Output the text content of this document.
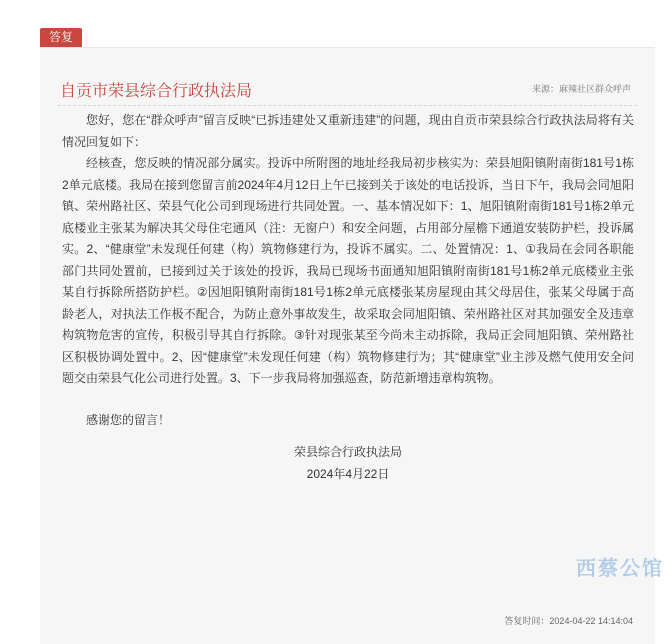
答复
自贡市荣县综合行政执法局	来源：麻辣社区群众呼声

您好，您在“群众呼声”留言反映“已拆违建处又重新违建”的问题，现由自贡市荣县综合行政执法局将有关情况回复如下：

经核查，您反映的情况部分属实。投诉中所附图的地址经我局初步核实为：荣县旭阳镇附南街181号1栋2单元底楼。我局在接到您留言前2024年4月12日上午已接到关于该处的电话投诉，当日下午，我局会同旭阳镇、荣州路社区、荣县气化公司到现场进行共同处置。一、基本情况如下：1、旭阳镇附南街181号1栋2单元底楼业主张某为解决其父母住宅通风（注：无窗户）和安全问题，占用部分屋檐下通道安装防护栏，投诉属实。2、“健康堂”未发现任何建（构）筑物修建行为，投诉不属实。二、处置情况：1、①我局在会同各职能部门共同处置前，已接到过关于该处的投诉，我局已现场书面通知旭阳镇附南街181号1栋2单元底楼业主张某自行拆除所搭防护栏。②因旭阳镇附南街181号1栋2单元底楼张某房屋现由其父母居住，张某父母属于高龄老人，对执法工作极不配合，为防止意外事故发生，故采取会同旭阳镇、荣州路社区对其加强安全及违章构筑物危害的宣传，积极引导其自行拆除。③针对现张某至今尚未主动拆除，我局正会同旭阳镇、荣州路社区积极协调处置中。2、因“健康堂”未发现任何建（构）筑物修建行为；其“健康堂”业主涉及燃气使用安全问题交由荣县气化公司进行处置。3、下一步我局将加强巡查，防范新增违章构筑物。

感谢您的留言！

荣县综合行政执法局
2024年4月22日
答复时间：2024-04-22 14:14:04
西蔡公馆
